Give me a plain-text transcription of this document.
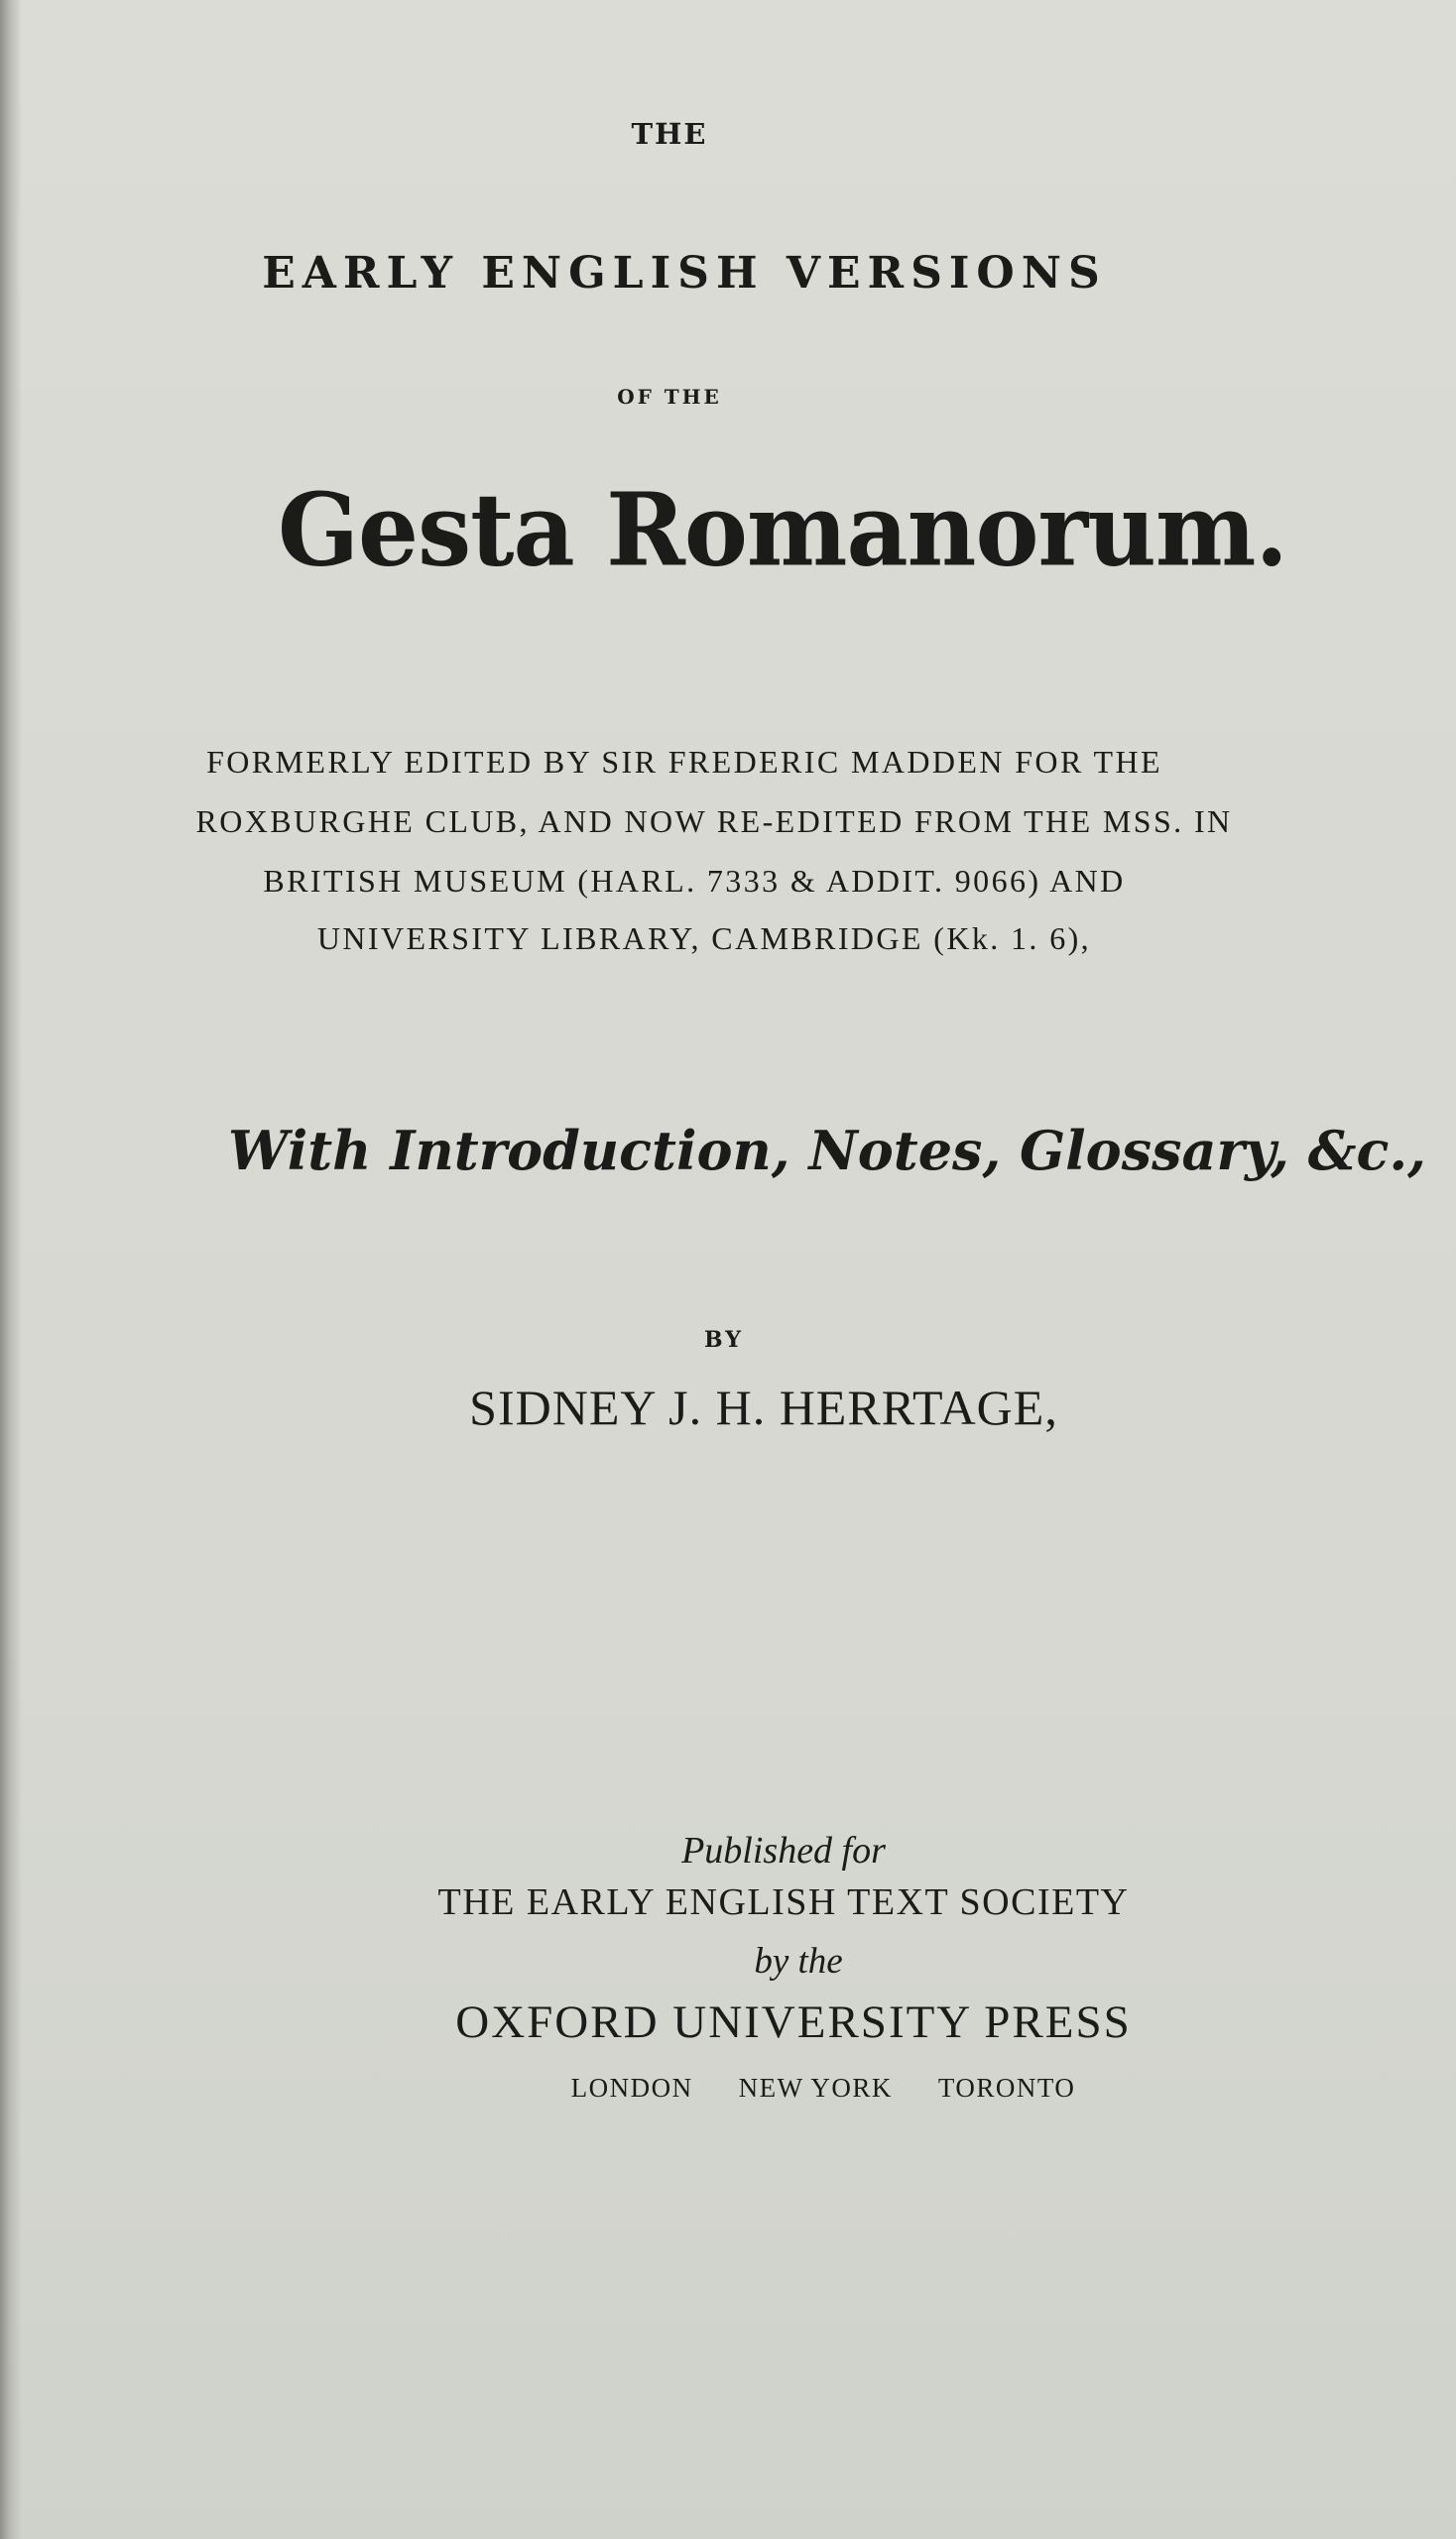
THE
EARLY ENGLISH VERSIONS
OF THE
Gesta Romanorum.
FORMERLY EDITED BY SIR FREDERIC MADDEN FOR THE
ROXBURGHE CLUB, AND NOW RE-EDITED FROM THE MSS. IN
BRITISH MUSEUM (HARL. 7333 & ADDIT. 9066) AND
UNIVERSITY LIBRARY, CAMBRIDGE (Kk. 1. 6),
With Introduction, Notes, Glossary, &c.,
BY
SIDNEY J. H. HERRTAGE,
Published for
THE EARLY ENGLISH TEXT SOCIETY
by the
OXFORD UNIVERSITY PRESS
LONDON NEW YORK TORONTO
